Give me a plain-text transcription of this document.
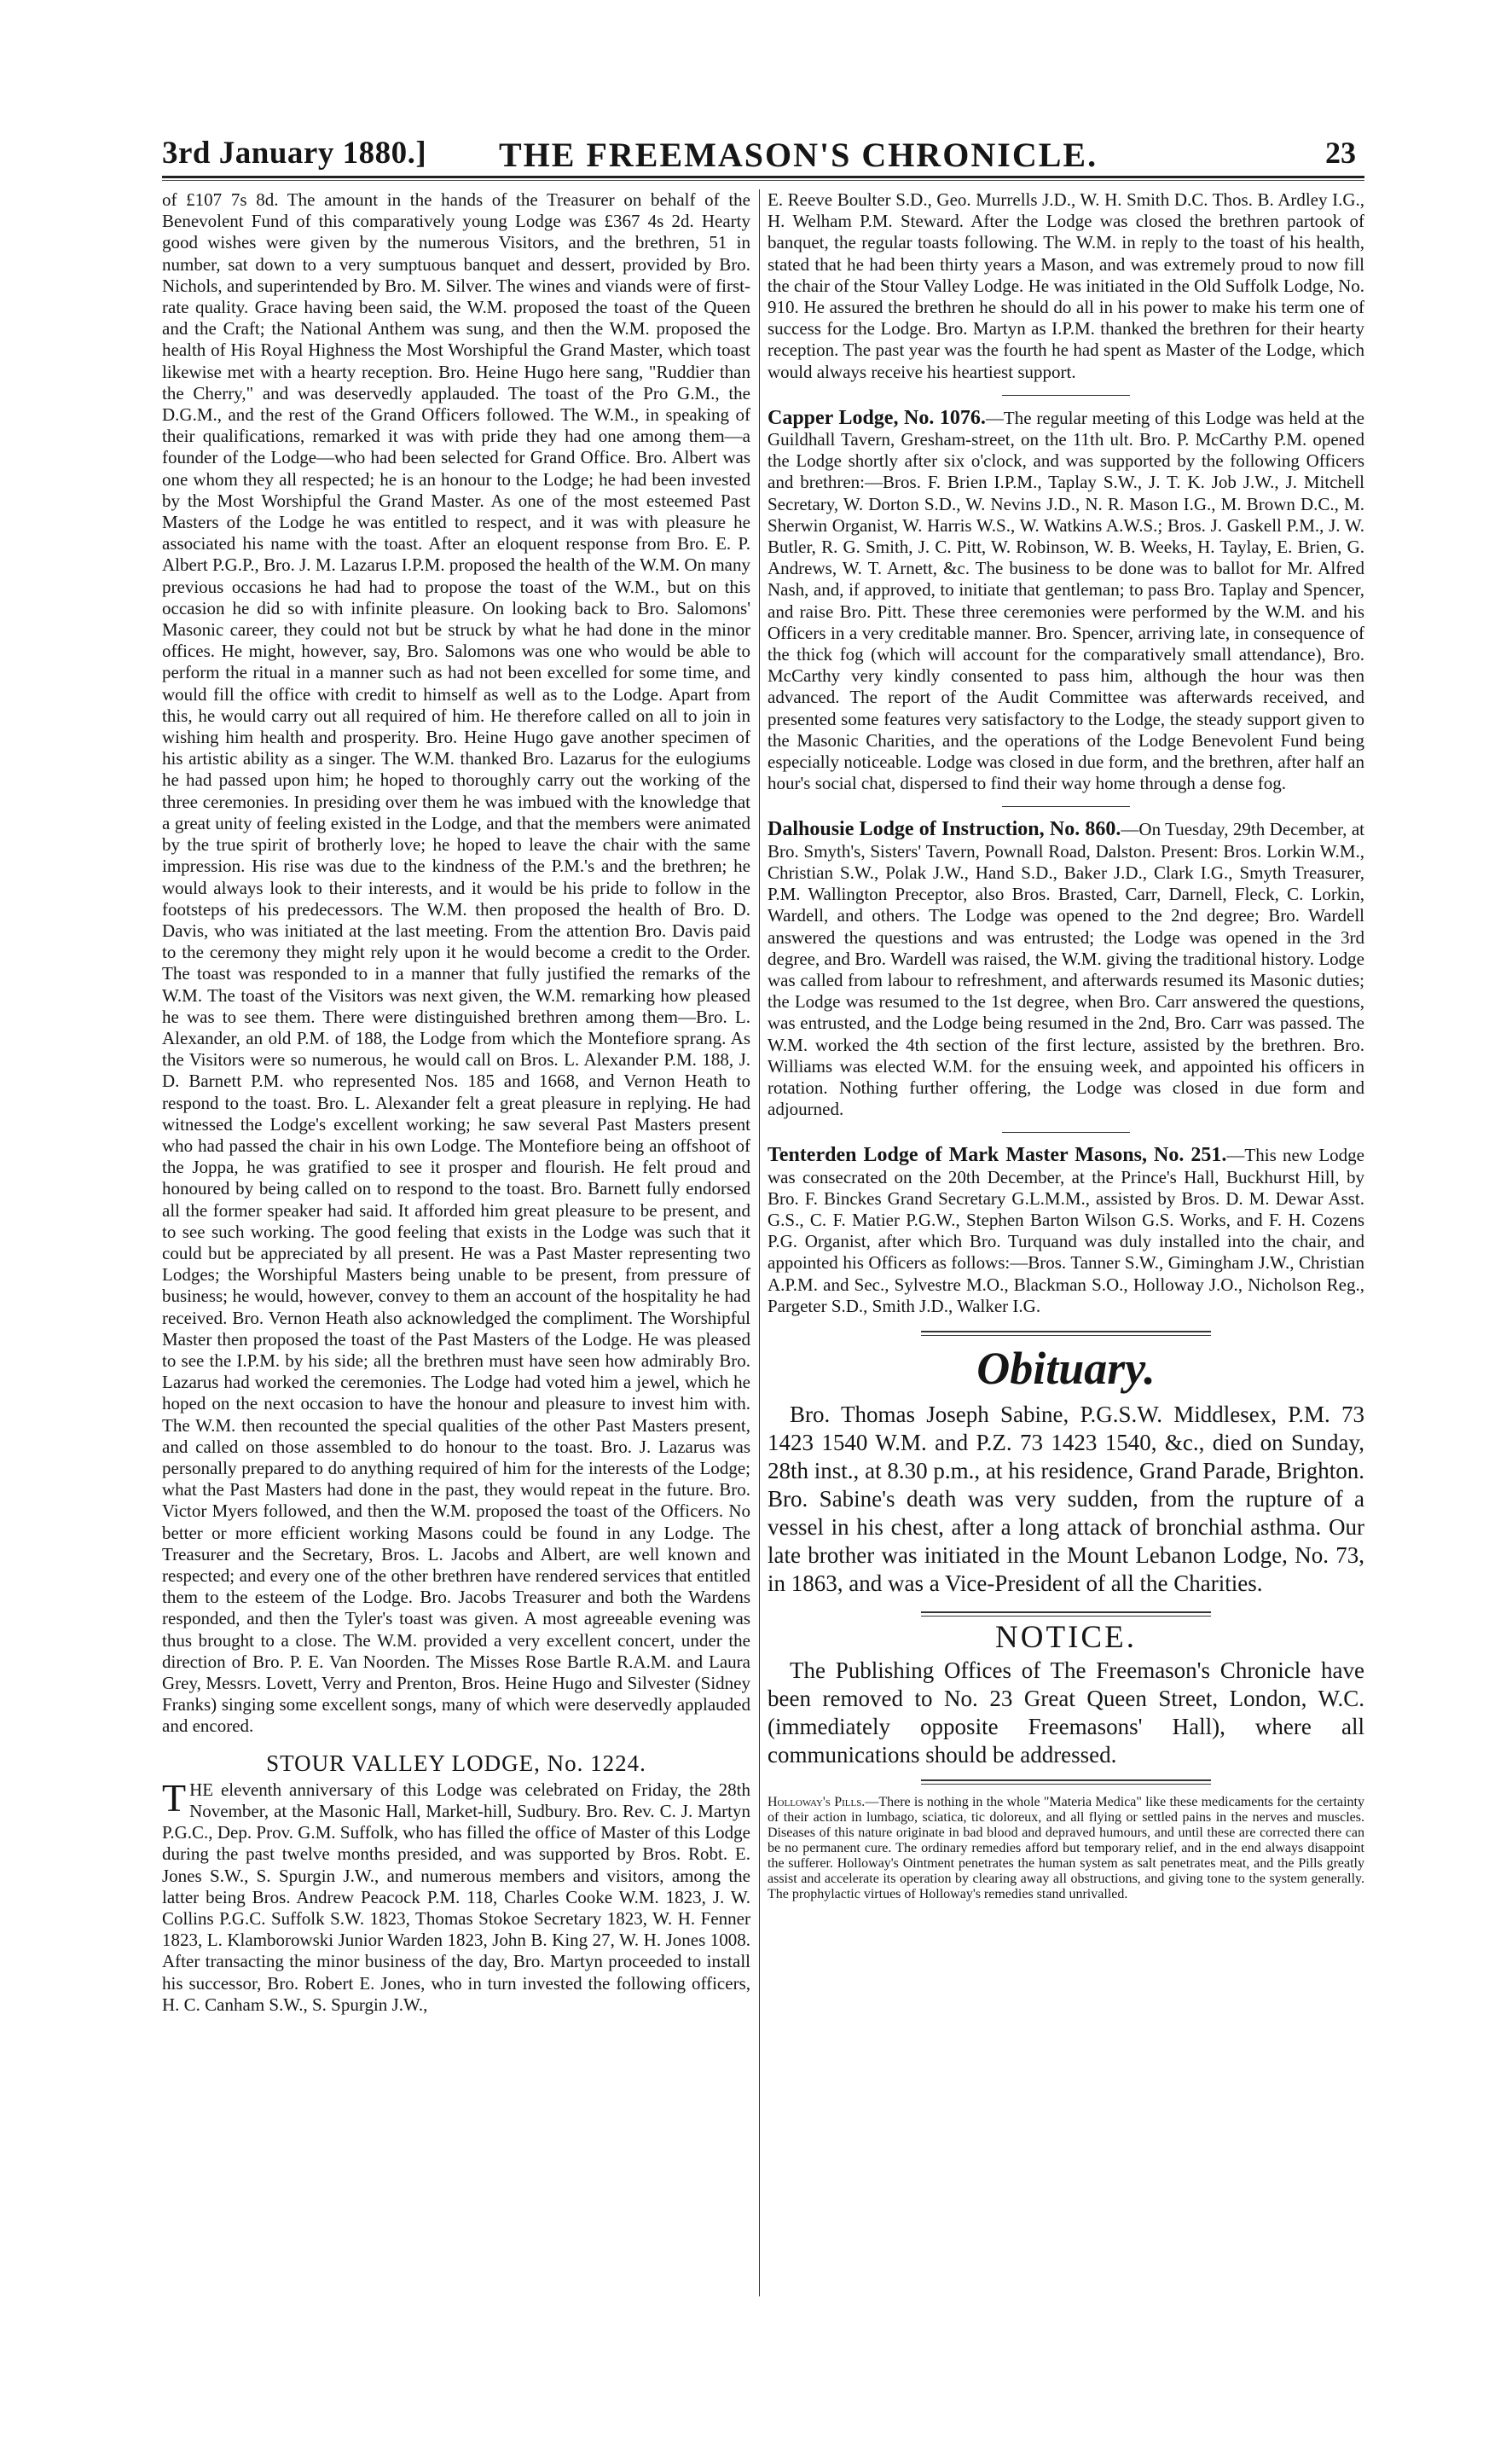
3rd January 1880.] THE FREEMASON'S CHRONICLE.	23

of £107 7s 8d. The amount in the hands of the Treasurer on behalf of the Benevolent Fund of this comparatively young Lodge was £367 4s 2d. Hearty good wishes were given by the numerous Visitors, and the brethren, 51 in number, sat down to a very sumptuous banquet and dessert, provided by Bro. Nichols, and superintended by Bro. M. Silver. The wines and viands were of first-rate quality. Grace having been said, the W.M. proposed the toast of the Queen and the Craft; the National Anthem was sung, and then the W.M. proposed the health of His Royal Highness the Most Worshipful the Grand Master, which toast likewise met with a hearty reception. Bro. Heine Hugo here sang, "Ruddier than the Cherry," and was deservedly applauded. The toast of the Pro G.M., the D.G.M., and the rest of the Grand Officers followed. The W.M., in speaking of their qualifications, remarked it was with pride they had one among them—a founder of the Lodge—who had been selected for Grand Office. Bro. Albert was one whom they all respected; he is an honour to the Lodge; he had been invested by the Most Worshipful the Grand Master. As one of the most esteemed Past Masters of the Lodge he was entitled to respect, and it was with pleasure he associated his name with the toast. After an eloquent response from Bro. E. P. Albert P.G.P., Bro. J. M. Lazarus I.P.M. proposed the health of the W.M. On many previous occasions he had had to propose the toast of the W.M., but on this occasion he did so with infinite pleasure. On looking back to Bro. Salomons' Masonic career, they could not but be struck by what he had done in the minor offices. He might, however, say, Bro. Salomons was one who would be able to perform the ritual in a manner such as had not been excelled for some time, and would fill the office with credit to himself as well as to the Lodge. Apart from this, he would carry out all required of him. He therefore called on all to join in wishing him health and prosperity. Bro. Heine Hugo gave another specimen of his artistic ability as a singer. The W.M. thanked Bro. Lazarus for the eulogiums he had passed upon him; he hoped to thoroughly carry out the working of the three ceremonies. In presiding over them he was imbued with the knowledge that a great unity of feeling existed in the Lodge, and that the members were animated by the true spirit of brotherly love; he hoped to leave the chair with the same impression. His rise was due to the kindness of the P.M.'s and the brethren; he would always look to their interests, and it would be his pride to follow in the footsteps of his predecessors. The W.M. then proposed the health of Bro. D. Davis, who was initiated at the last meeting. From the attention Bro. Davis paid to the ceremony they might rely upon it he would become a credit to the Order. The toast was responded to in a manner that fully justified the remarks of the W.M. The toast of the Visitors was next given, the W.M. remarking how pleased he was to see them. There were distinguished brethren among them—Bro. L. Alexander, an old P.M. of 188, the Lodge from which the Montefiore sprang. As the Visitors were so numerous, he would call on Bros. L. Alexander P.M. 188, J. D. Barnett P.M. who represented Nos. 185 and 1668, and Vernon Heath to respond to the toast. Bro. L. Alexander felt a great pleasure in replying. He had witnessed the Lodge's excellent working; he saw several Past Masters present who had passed the chair in his own Lodge. The Montefiore being an offshoot of the Joppa, he was gratified to see it prosper and flourish. He felt proud and honoured by being called on to respond to the toast. Bro. Barnett fully endorsed all the former speaker had said. It afforded him great pleasure to be present, and to see such working. The good feeling that exists in the Lodge was such that it could but be appreciated by all present. He was a Past Master representing two Lodges; the Worshipful Masters being unable to be present, from pressure of business; he would, however, convey to them an account of the hospitality he had received. Bro. Vernon Heath also acknowledged the compliment. The Worshipful Master then proposed the toast of the Past Masters of the Lodge. He was pleased to see the I.P.M. by his side; all the brethren must have seen how admirably Bro. Lazarus had worked the ceremonies. The Lodge had voted him a jewel, which he hoped on the next occasion to have the honour and pleasure to invest him with. The W.M. then recounted the special qualities of the other Past Masters present, and called on those assembled to do honour to the toast. Bro. J. Lazarus was personally prepared to do anything required of him for the interests of the Lodge; what the Past Masters had done in the past, they would repeat in the future. Bro. Victor Myers followed, and then the W.M. proposed the toast of the Officers. No better or more efficient working Masons could be found in any Lodge. The Treasurer and the Secretary, Bros. L. Jacobs and Albert, are well known and respected; and every one of the other brethren have rendered services that entitled them to the esteem of the Lodge. Bro. Jacobs Treasurer and both the Wardens responded, and then the Tyler's toast was given. A most agreeable evening was thus brought to a close. The W.M. provided a very excellent concert, under the direction of Bro. P. E. Van Noorden. The Misses Rose Bartle R.A.M. and Laura Grey, Messrs. Lovett, Verry and Prenton, Bros. Heine Hugo and Silvester (Sidney Franks) singing some excellent songs, many of which were deservedly applauded and encored.

STOUR VALLEY LODGE, No. 1224.

THE eleventh anniversary of this Lodge was celebrated on Friday, the 28th November, at the Masonic Hall, Market-hill, Sudbury. Bro. Rev. C. J. Martyn P.G.C., Dep. Prov. G.M. Suffolk, who has filled the office of Master of this Lodge during the past twelve months presided, and was supported by Bros. Robt. E. Jones S.W., S. Spurgin J.W., and numerous members and visitors, among the latter being Bros. Andrew Peacock P.M. 118, Charles Cooke W.M. 1823, J. W. Collins P.G.C. Suffolk S.W. 1823, Thomas Stokoe Secretary 1823, W. H. Fenner 1823, L. Klamborowski Junior Warden 1823, John B. King 27, W. H. Jones 1008. After transacting the minor business of the day, Bro. Martyn proceeded to install his successor, Bro. Robert E. Jones, who in turn invested the following officers, H. C. Canham S.W., S. Spurgin J.W.,

E. Reeve Boulter S.D., Geo. Murrells J.D., W. H. Smith D.C. Thos. B. Ardley I.G., H. Welham P.M. Steward. After the Lodge was closed the brethren partook of banquet, the regular toasts following. The W.M. in reply to the toast of his health, stated that he had been thirty years a Mason, and was extremely proud to now fill the chair of the Stour Valley Lodge. He was initiated in the Old Suffolk Lodge, No. 910. He assured the brethren he should do all in his power to make his term one of success for the Lodge. Bro. Martyn as I.P.M. thanked the brethren for their hearty reception. The past year was the fourth he had spent as Master of the Lodge, which would always receive his heartiest support.

Capper Lodge, No. 1076.—The regular meeting of this Lodge was held at the Guildhall Tavern, Gresham-street, on the 11th ult. Bro. P. McCarthy P.M. opened the Lodge shortly after six o'clock, and was supported by the following Officers and brethren:—Bros. F. Brien I.P.M., Taplay S.W., J. T. K. Job J.W., J. Mitchell Secretary, W. Dorton S.D., W. Nevins J.D., N. R. Mason I.G., M. Brown D.C., M. Sherwin Organist, W. Harris W.S., W. Watkins A.W.S.; Bros. J. Gaskell P.M., J. W. Butler, R. G. Smith, J. C. Pitt, W. Robinson, W. B. Weeks, H. Taylay, E. Brien, G. Andrews, W. T. Arnett, &c. The business to be done was to ballot for Mr. Alfred Nash, and, if approved, to initiate that gentleman; to pass Bro. Taplay and Spencer, and raise Bro. Pitt. These three ceremonies were performed by the W.M. and his Officers in a very creditable manner. Bro. Spencer, arriving late, in consequence of the thick fog (which will account for the comparatively small attendance), Bro. McCarthy very kindly consented to pass him, although the hour was then advanced. The report of the Audit Committee was afterwards received, and presented some features very satisfactory to the Lodge, the steady support given to the Masonic Charities, and the operations of the Lodge Benevolent Fund being especially noticeable. Lodge was closed in due form, and the brethren, after half an hour's social chat, dispersed to find their way home through a dense fog.

Dalhousie Lodge of Instruction, No. 860.—On Tuesday, 29th December, at Bro. Smyth's, Sisters' Tavern, Pownall Road, Dalston. Present: Bros. Lorkin W.M., Christian S.W., Polak J.W., Hand S.D., Baker J.D., Clark I.G., Smyth Treasurer, P.M. Wallington Preceptor, also Bros. Brasted, Carr, Darnell, Fleck, C. Lorkin, Wardell, and others. The Lodge was opened to the 2nd degree; Bro. Wardell answered the questions and was entrusted; the Lodge was opened in the 3rd degree, and Bro. Wardell was raised, the W.M. giving the traditional history. Lodge was called from labour to refreshment, and afterwards resumed its Masonic duties; the Lodge was resumed to the 1st degree, when Bro. Carr answered the questions, was entrusted, and the Lodge being resumed in the 2nd, Bro. Carr was passed. The W.M. worked the 4th section of the first lecture, assisted by the brethren. Bro. Williams was elected W.M. for the ensuing week, and appointed his officers in rotation. Nothing further offering, the Lodge was closed in due form and adjourned.

Tenterden Lodge of Mark Master Masons, No. 251.—This new Lodge was consecrated on the 20th December, at the Prince's Hall, Buckhurst Hill, by Bro. F. Binckes Grand Secretary G.L.M.M., assisted by Bros. D. M. Dewar Asst. G.S., C. F. Matier P.G.W., Stephen Barton Wilson G.S. Works, and F. H. Cozens P.G. Organist, after which Bro. Turquand was duly installed into the chair, and appointed his Officers as follows:—Bros. Tanner S.W., Gimingham J.W., Christian A.P.M. and Sec., Sylvestre M.O., Blackman S.O., Holloway J.O., Nicholson Reg., Pargeter S.D., Smith J.D., Walker I.G.

Obituary.

Bro. Thomas Joseph Sabine, P.G.S.W. Middlesex, P.M. 73 1423 1540 W.M. and P.Z. 73 1423 1540, &c., died on Sunday, 28th inst., at 8.30 p.m., at his residence, Grand Parade, Brighton. Bro. Sabine's death was very sudden, from the rupture of a vessel in his chest, after a long attack of bronchial asthma. Our late brother was initiated in the Mount Lebanon Lodge, No. 73, in 1863, and was a Vice-President of all the Charities.

NOTICE.

The Publishing Offices of The Freemason's Chronicle have been removed to No. 23 Great Queen Street, London, W.C. (immediately opposite Freemasons' Hall), where all communications should be addressed.

Holloway's Pills.—There is nothing in the whole "Materia Medica" like these medicaments for the certainty of their action in lumbago, sciatica, tic doloreux, and all flying or settled pains in the nerves and muscles. Diseases of this nature originate in bad blood and depraved humours, and until these are corrected there can be no permanent cure. The ordinary remedies afford but temporary relief, and in the end always disappoint the sufferer. Holloway's Ointment penetrates the human system as salt penetrates meat, and the Pills greatly assist and accelerate its operation by clearing away all obstructions, and giving tone to the system generally. The prophylactic virtues of Holloway's remedies stand unrivalled.
